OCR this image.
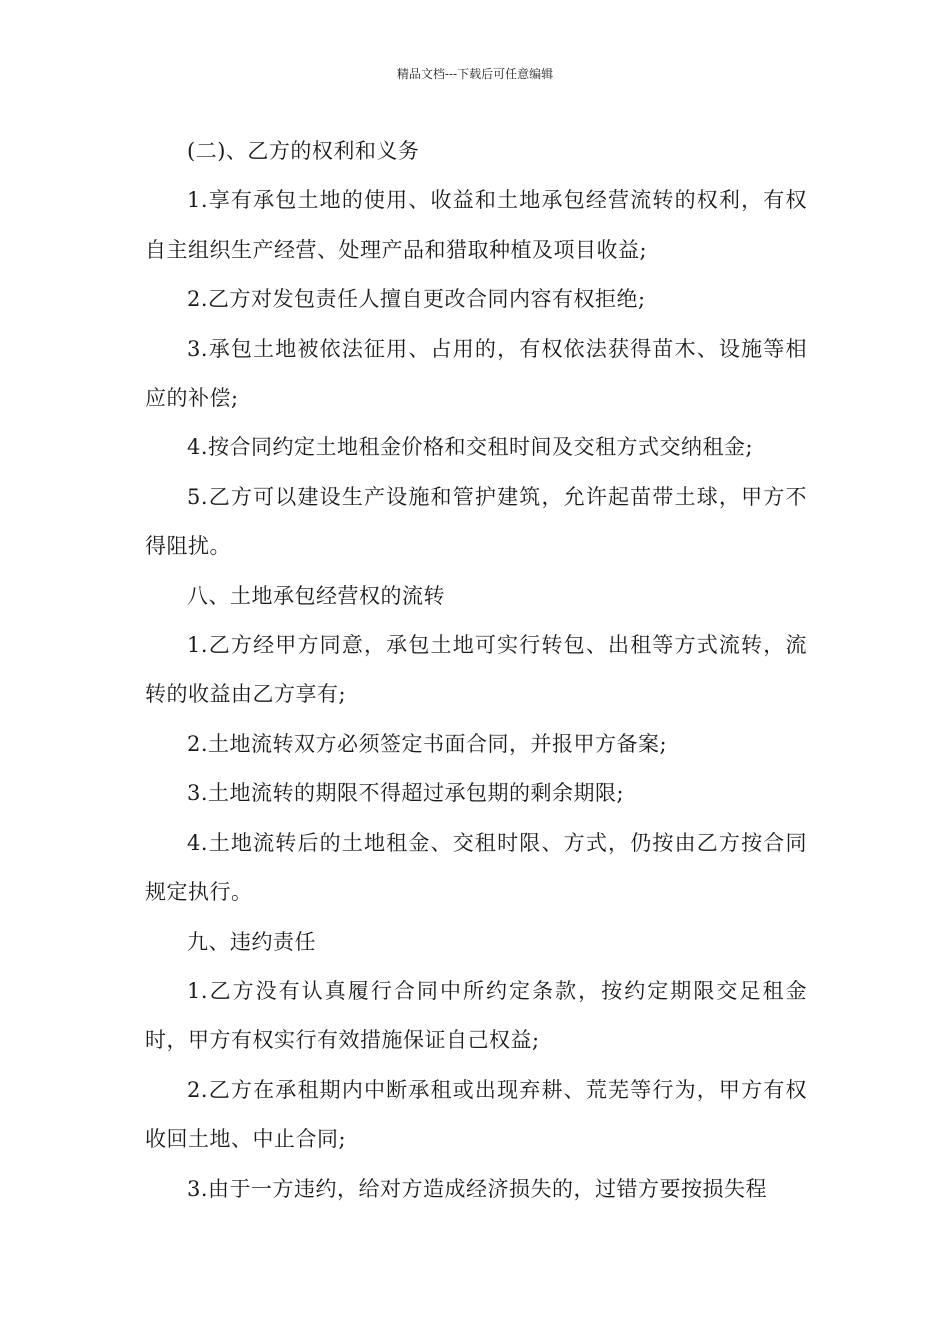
精品文档---下载后可任意编辑

(二)、乙方的权利和义务

1.享有承包土地的使用、收益和土地承包经营流转的权利，有权自主组织生产经营、处理产品和猎取种植及项目收益;

2.乙方对发包责任人擅自更改合同内容有权拒绝;

3.承包土地被依法征用、占用的，有权依法获得苗木、设施等相应的补偿;

4.按合同约定土地租金价格和交租时间及交租方式交纳租金;

5.乙方可以建设生产设施和管护建筑，允许起苗带土球，甲方不得阻扰。

八、土地承包经营权的流转

1.乙方经甲方同意，承包土地可实行转包、出租等方式流转，流转的收益由乙方享有;

2.土地流转双方必须签定书面合同，并报甲方备案;

3.土地流转的期限不得超过承包期的剩余期限;

4.土地流转后的土地租金、交租时限、方式，仍按由乙方按合同规定执行。

九、违约责任

1.乙方没有认真履行合同中所约定条款，按约定期限交足租金时，甲方有权实行有效措施保证自己权益;

2.乙方在承租期内中断承租或出现弃耕、荒芜等行为，甲方有权收回土地、中止合同;

3.由于一方违约，给对方造成经济损失的，过错方要按损失程
